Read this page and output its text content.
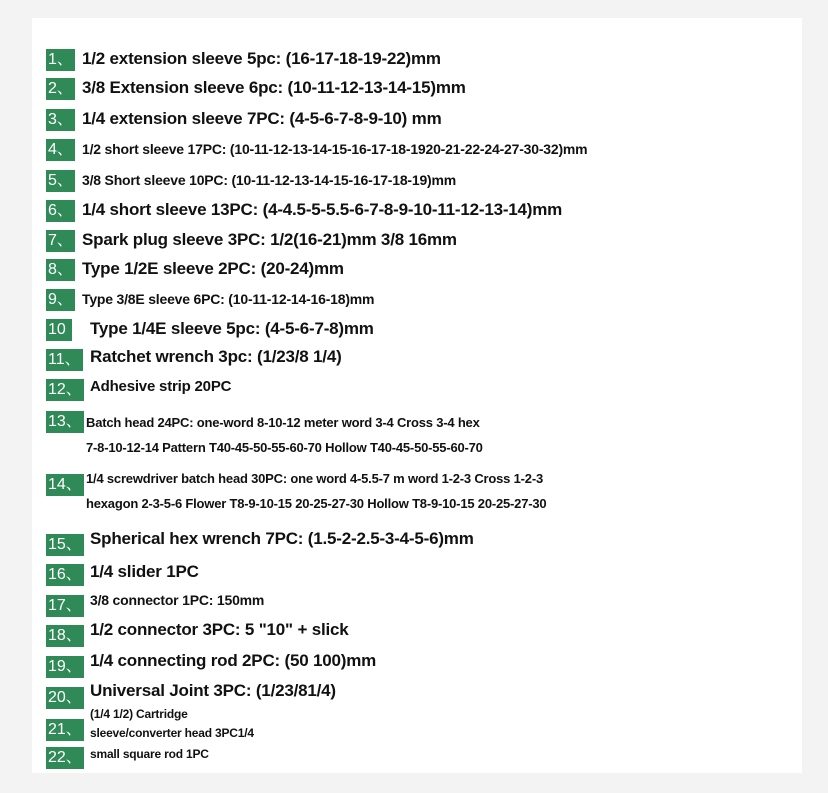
1、 1/2 extension sleeve 5pc: (16-17-18-19-22)mm
2、 3/8 Extension sleeve 6pc: (10-11-12-13-14-15)mm
3、 1/4 extension sleeve 7PC: (4-5-6-7-8-9-10) mm
4、 1/2 short sleeve 17PC: (10-11-12-13-14-15-16-17-18-1920-21-22-24-27-30-32)mm
5、 3/8 Short sleeve 10PC: (10-11-12-13-14-15-16-17-18-19)mm
6、 1/4 short sleeve 13PC: (4-4.5-5-5.5-6-7-8-9-10-11-12-13-14)mm
7、 Spark plug sleeve 3PC: 1/2(16-21)mm 3/8 16mm
8、 Type 1/2E sleeve 2PC: (20-24)mm
9、 Type 3/8E sleeve 6PC: (10-11-12-14-16-18)mm
10	Type 1/4E sleeve 5pc: (4-5-6-7-8)mm
11、 Ratchet wrench 3pc: (1/23/8 1/4)
12、 Adhesive strip 20PC
13、 Batch head 24PC: one-word 8-10-12 meter word 3-4 Cross 3-4 hex
7-8-10-12-14 Pattern T40-45-50-55-60-70 Hollow T40-45-50-55-60-70
14、 1/4 screwdriver batch head 30PC: one word 4-5.5-7 m word 1-2-3 Cross 1-2-3
hexagon 2-3-5-6 Flower T8-9-10-15 20-25-27-30 Hollow T8-9-10-15 20-25-27-30
15、 Spherical hex wrench 7PC: (1.5-2-2.5-3-4-5-6)mm
16、 1/4 slider 1PC
17、 3/8 connector 1PC: 150mm
18、 1/2 connector 3PC: 5 "10" + slick
19、 1/4 connecting rod 2PC: (50 100)mm
20、 Universal Joint 3PC: (1/23/81/4)
(1/4 1/2) Cartridge
21、 sleeve/converter head 3PC1/4
22、 small square rod 1PC
